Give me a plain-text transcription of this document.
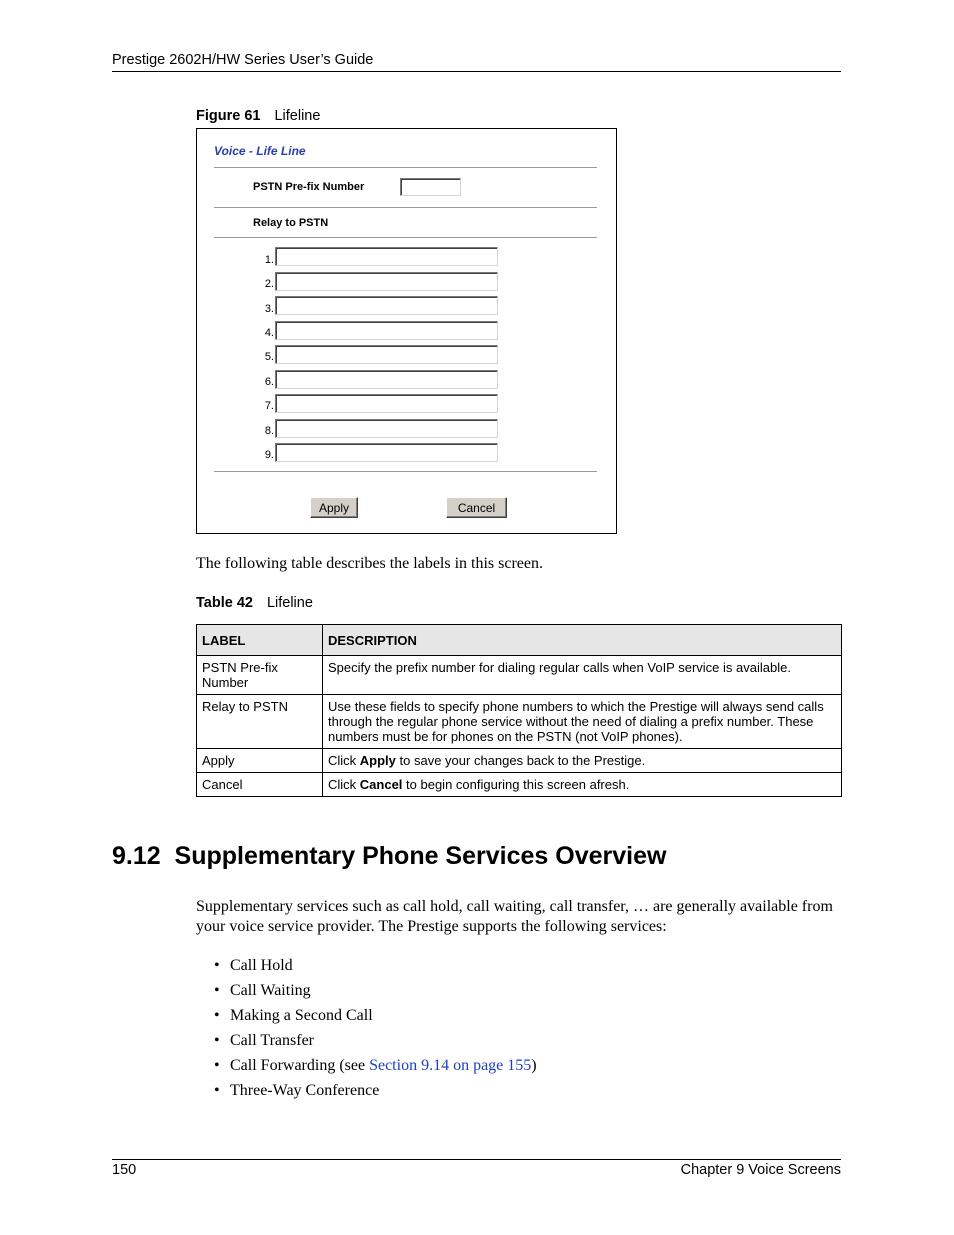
Prestige 2602H/HW Series User’s Guide
Figure 61 Lifeline
Voice - Life Line
PSTN Pre-fix Number
Relay to PSTN
1.
2.
3.
4.
5.
6.
7.
8.
9.
Apply	Cancel
The following table describes the labels in this screen.
Table 42 Lifeline
LABEL	DESCRIPTION
PSTN Pre-fix Number	Specify the prefix number for dialing regular calls when VoIP service is available.
Relay to PSTN	Use these fields to specify phone numbers to which the Prestige will always send calls through the regular phone service without the need of dialing a prefix number. These numbers must be for phones on the PSTN (not VoIP phones).
Apply	Click Apply to save your changes back to the Prestige.
Cancel	Click Cancel to begin configuring this screen afresh.
9.12  Supplementary Phone Services Overview
Supplementary services such as call hold, call waiting, call transfer, … are generally available from your voice service provider. The Prestige supports the following services:
• Call Hold
• Call Waiting
• Making a Second Call
• Call Transfer
• Call Forwarding (see Section 9.14 on page 155)
• Three-Way Conference
150	Chapter 9 Voice Screens
